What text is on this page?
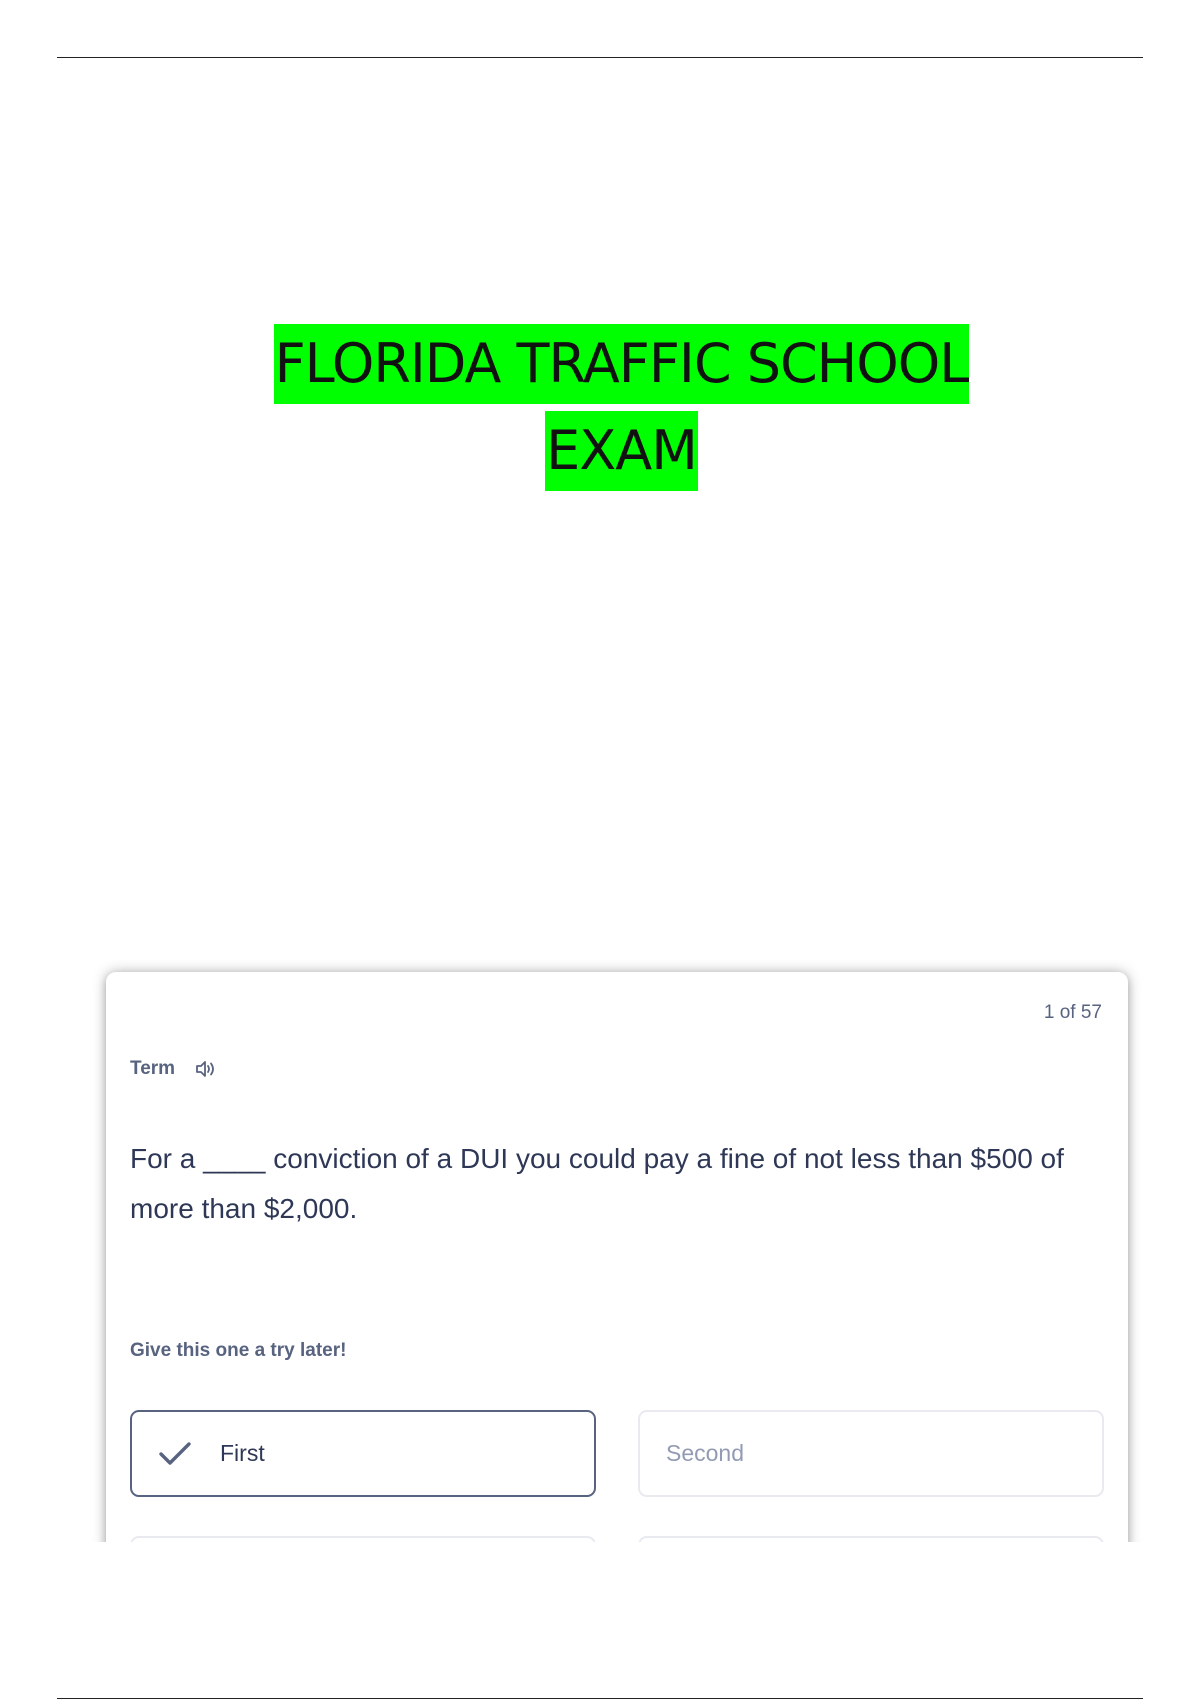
FLORIDA TRAFFIC SCHOOL
EXAM
1 of 57
Term
For a ____ conviction of a DUI you could pay a fine of not less than $500 of more than $2,000.
Give this one a try later!
First	Second
